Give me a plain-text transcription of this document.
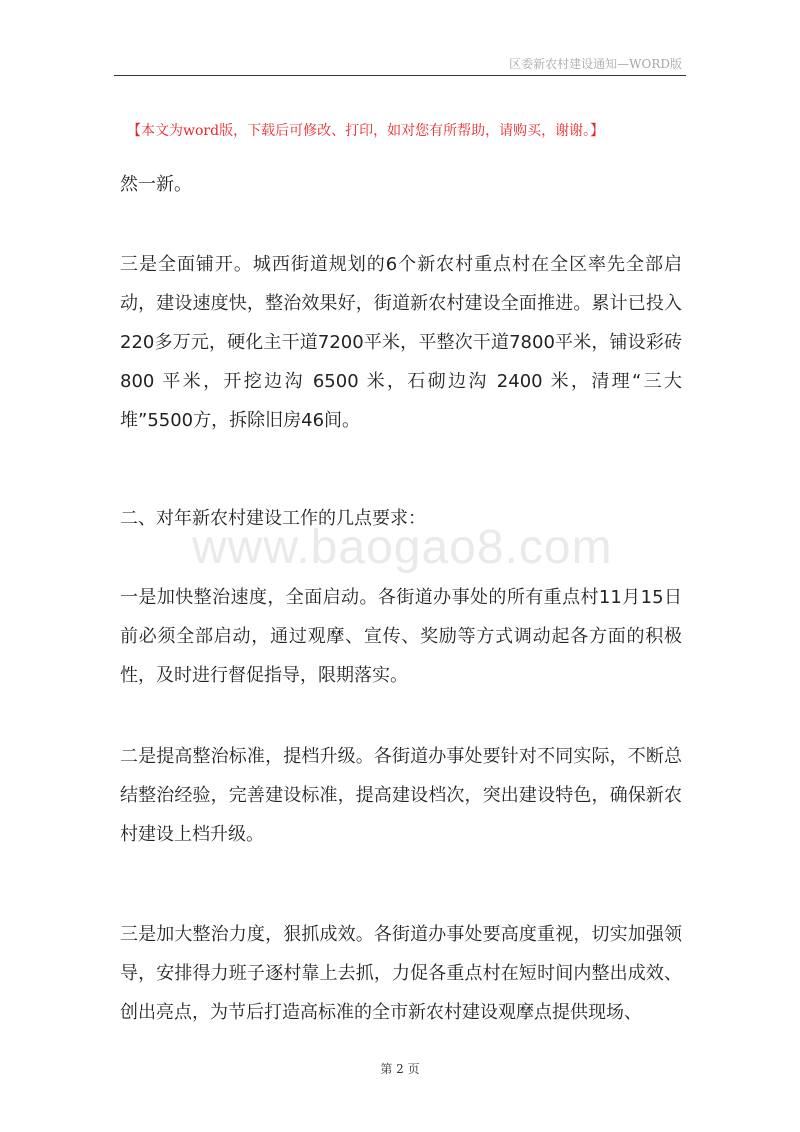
区委新农村建设通知—WORD版
【本文为word版，下载后可修改、打印，如对您有所帮助，请购买，谢谢。】
www.baogao8.com
然一新。
三是全面铺开。城西街道规划的6个新农村重点村在全区率先全部启动，建设速度快，整治效果好，街道新农村建设全面推进。累计已投入220多万元，硬化主干道7200平米，平整次干道7800平米，铺设彩砖 800 平米，开挖边沟 6500 米，石砌边沟 2400 米，清理“三大堆”5500方，拆除旧房46间。
二、对年新农村建设工作的几点要求：
一是加快整治速度，全面启动。各街道办事处的所有重点村11月15日前必须全部启动，通过观摩、宣传、奖励等方式调动起各方面的积极性，及时进行督促指导，限期落实。
二是提高整治标准，提档升级。各街道办事处要针对不同实际，不断总结整治经验，完善建设标准，提高建设档次，突出建设特色，确保新农村建设上档升级。
三是加大整治力度，狠抓成效。各街道办事处要高度重视，切实加强领导，安排得力班子逐村靠上去抓，力促各重点村在短时间内整出成效、创出亮点，为节后打造高标准的全市新农村建设观摩点提供现场、
第 2 页
